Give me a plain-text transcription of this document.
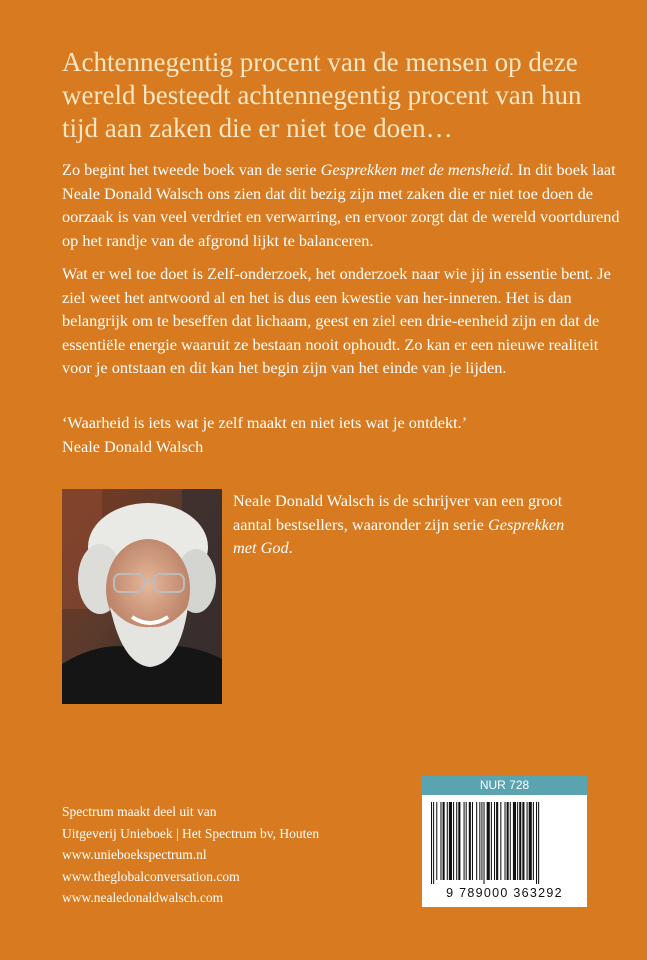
Achtennegentig procent van de mensen op deze wereld besteedt achtennegentig procent van hun tijd aan zaken die er niet toe doen…

Zo begint het tweede boek van de serie Gesprekken met de mensheid. In dit boek laat Neale Donald Walsch ons zien dat dit bezig zijn met zaken die er niet toe doen de oorzaak is van veel verdriet en verwarring, en ervoor zorgt dat de wereld voortdurend op het randje van de afgrond lijkt te balanceren.

Wat er wel toe doet is Zelf-onderzoek, het onderzoek naar wie jij in essentie bent. Je ziel weet het antwoord al en het is dus een kwestie van her-inneren. Het is dan belangrijk om te beseffen dat lichaam, geest en ziel een drie-eenheid zijn en dat de essentiële energie waaruit ze bestaan nooit ophoudt. Zo kan er een nieuwe realiteit voor je ontstaan en dit kan het begin zijn van het einde van je lijden.

‘Waarheid is iets wat je zelf maakt en niet iets wat je ontdekt.’
Neale Donald Walsch

Neale Donald Walsch is de schrijver van een groot aantal bestsellers, waaronder zijn serie Gesprekken met God.

Spectrum maakt deel uit van
Uitgeverij Unieboek | Het Spectrum bv, Houten
www.unieboekspectrum.nl
www.theglobalconversation.com
www.nealedonaldwalsch.com
NUR 728
9 789000 363292
